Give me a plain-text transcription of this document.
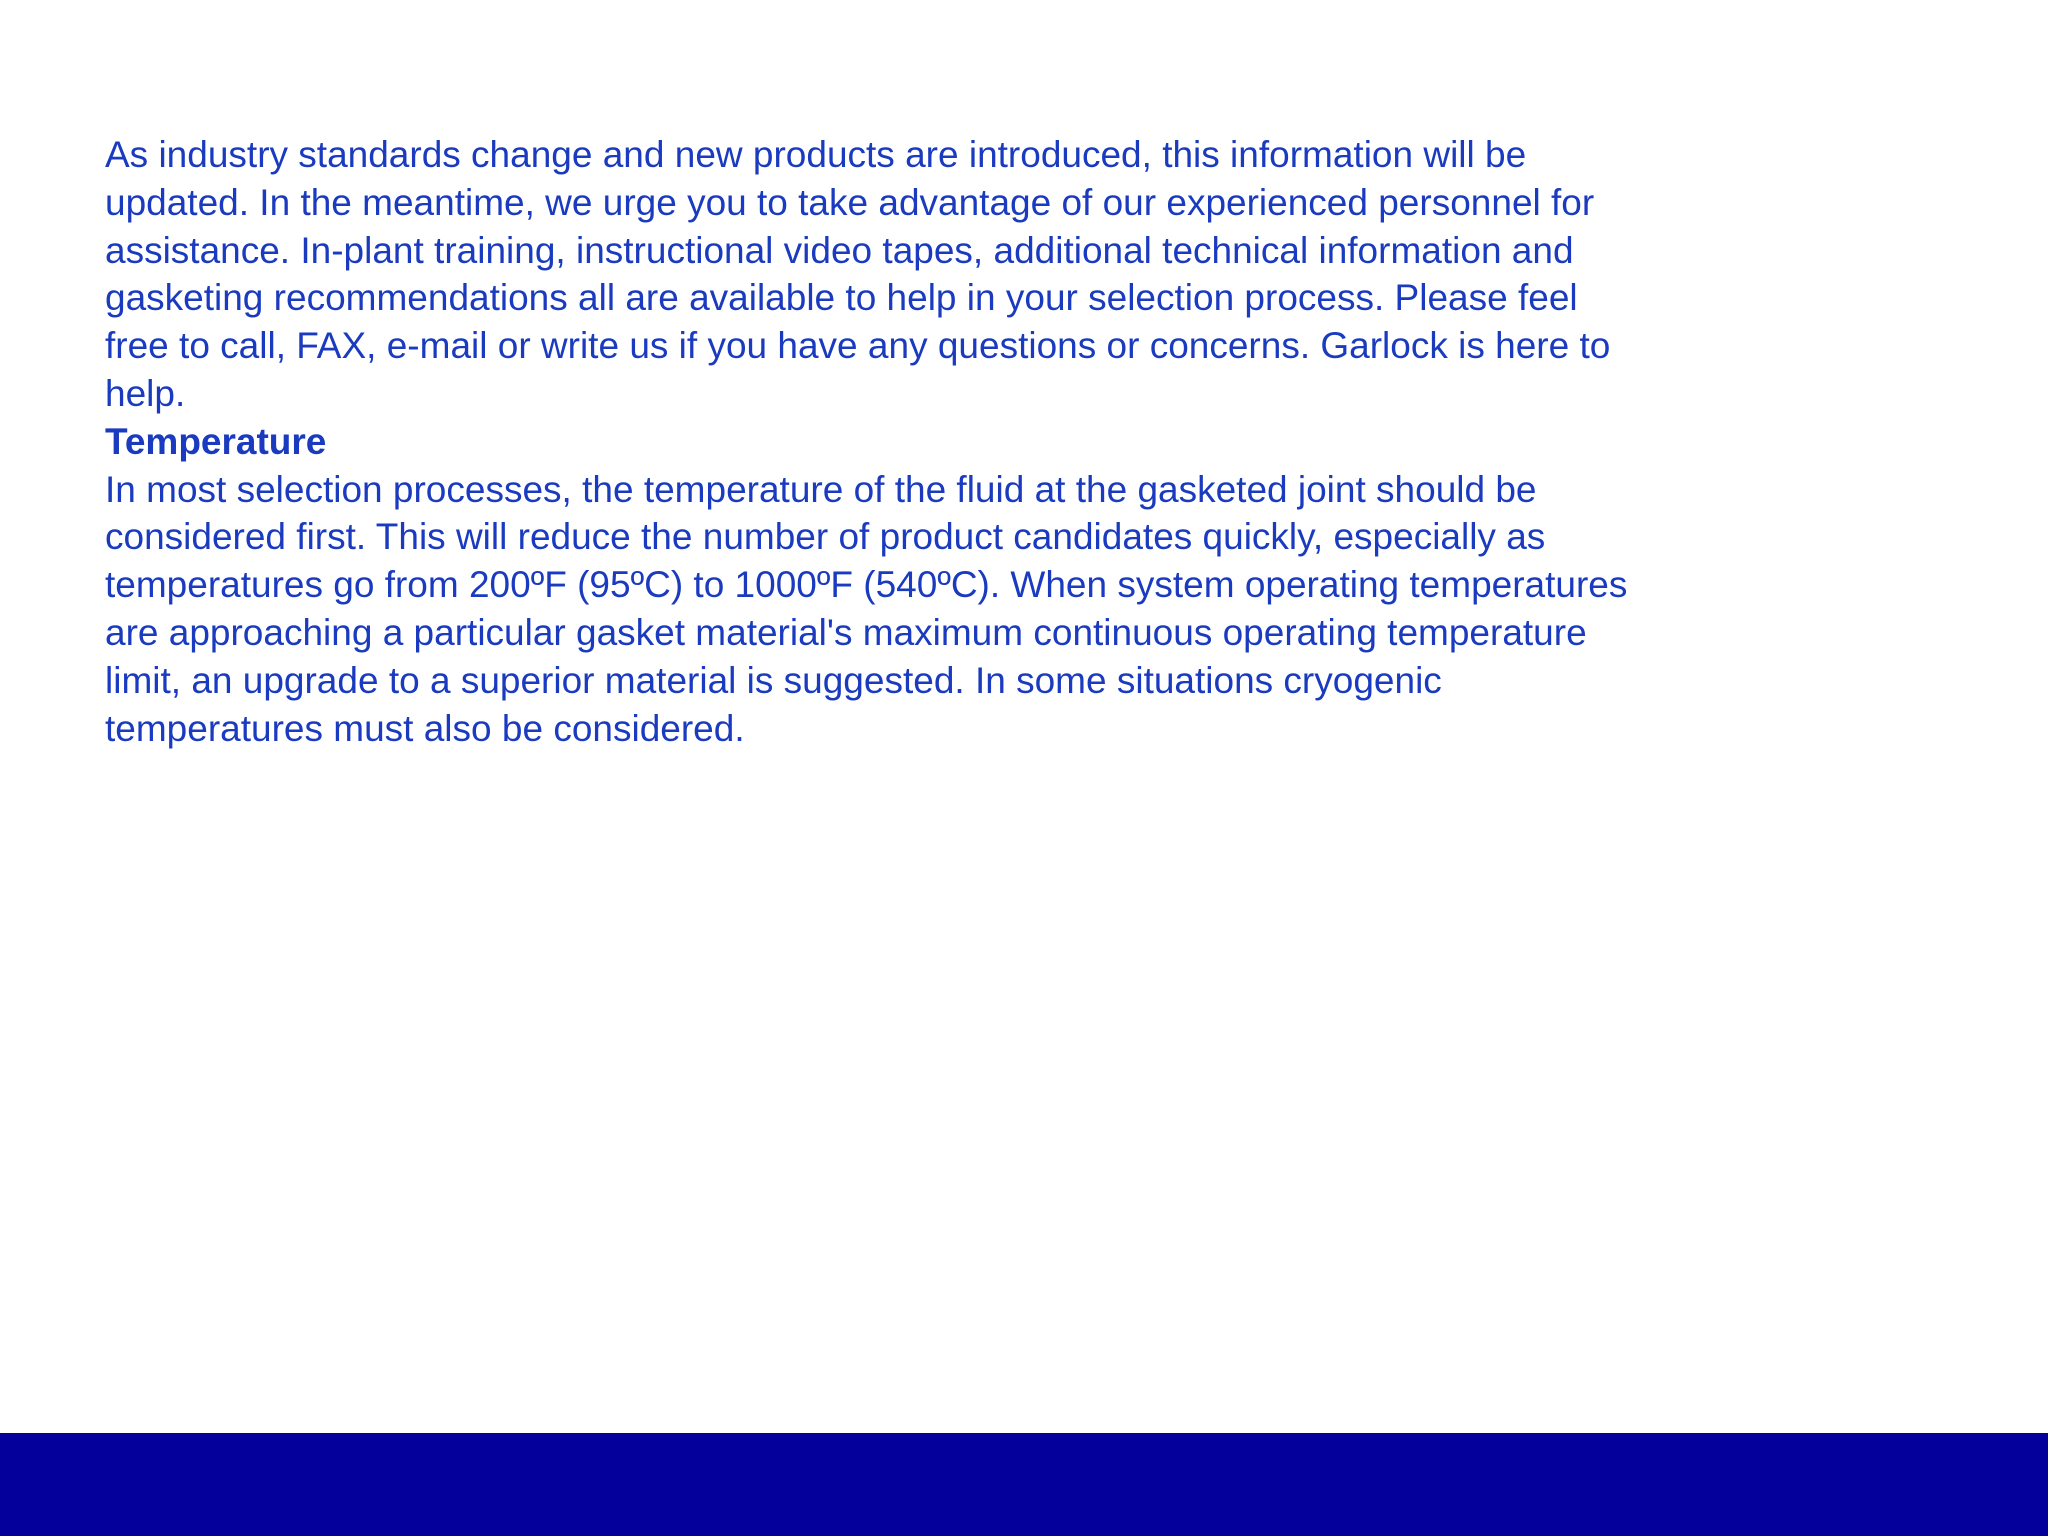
As industry standards change and new products are introduced, this information will be
updated. In the meantime, we urge you to take advantage of our experienced personnel for
assistance. In-plant training, instructional video tapes, additional technical information and
gasketing recommendations all are available to help in your selection process. Please feel
free to call, FAX, e-mail or write us if you have any questions or concerns. Garlock is here to
help.

Temperature

In most selection processes, the temperature of the fluid at the gasketed joint should be
considered first. This will reduce the number of product candidates quickly, especially as
temperatures go from 200ºF (95ºC) to 1000ºF (540ºC). When system operating temperatures
are approaching a particular gasket material's maximum continuous operating temperature
limit, an upgrade to a superior material is suggested. In some situations cryogenic
temperatures must also be considered.
